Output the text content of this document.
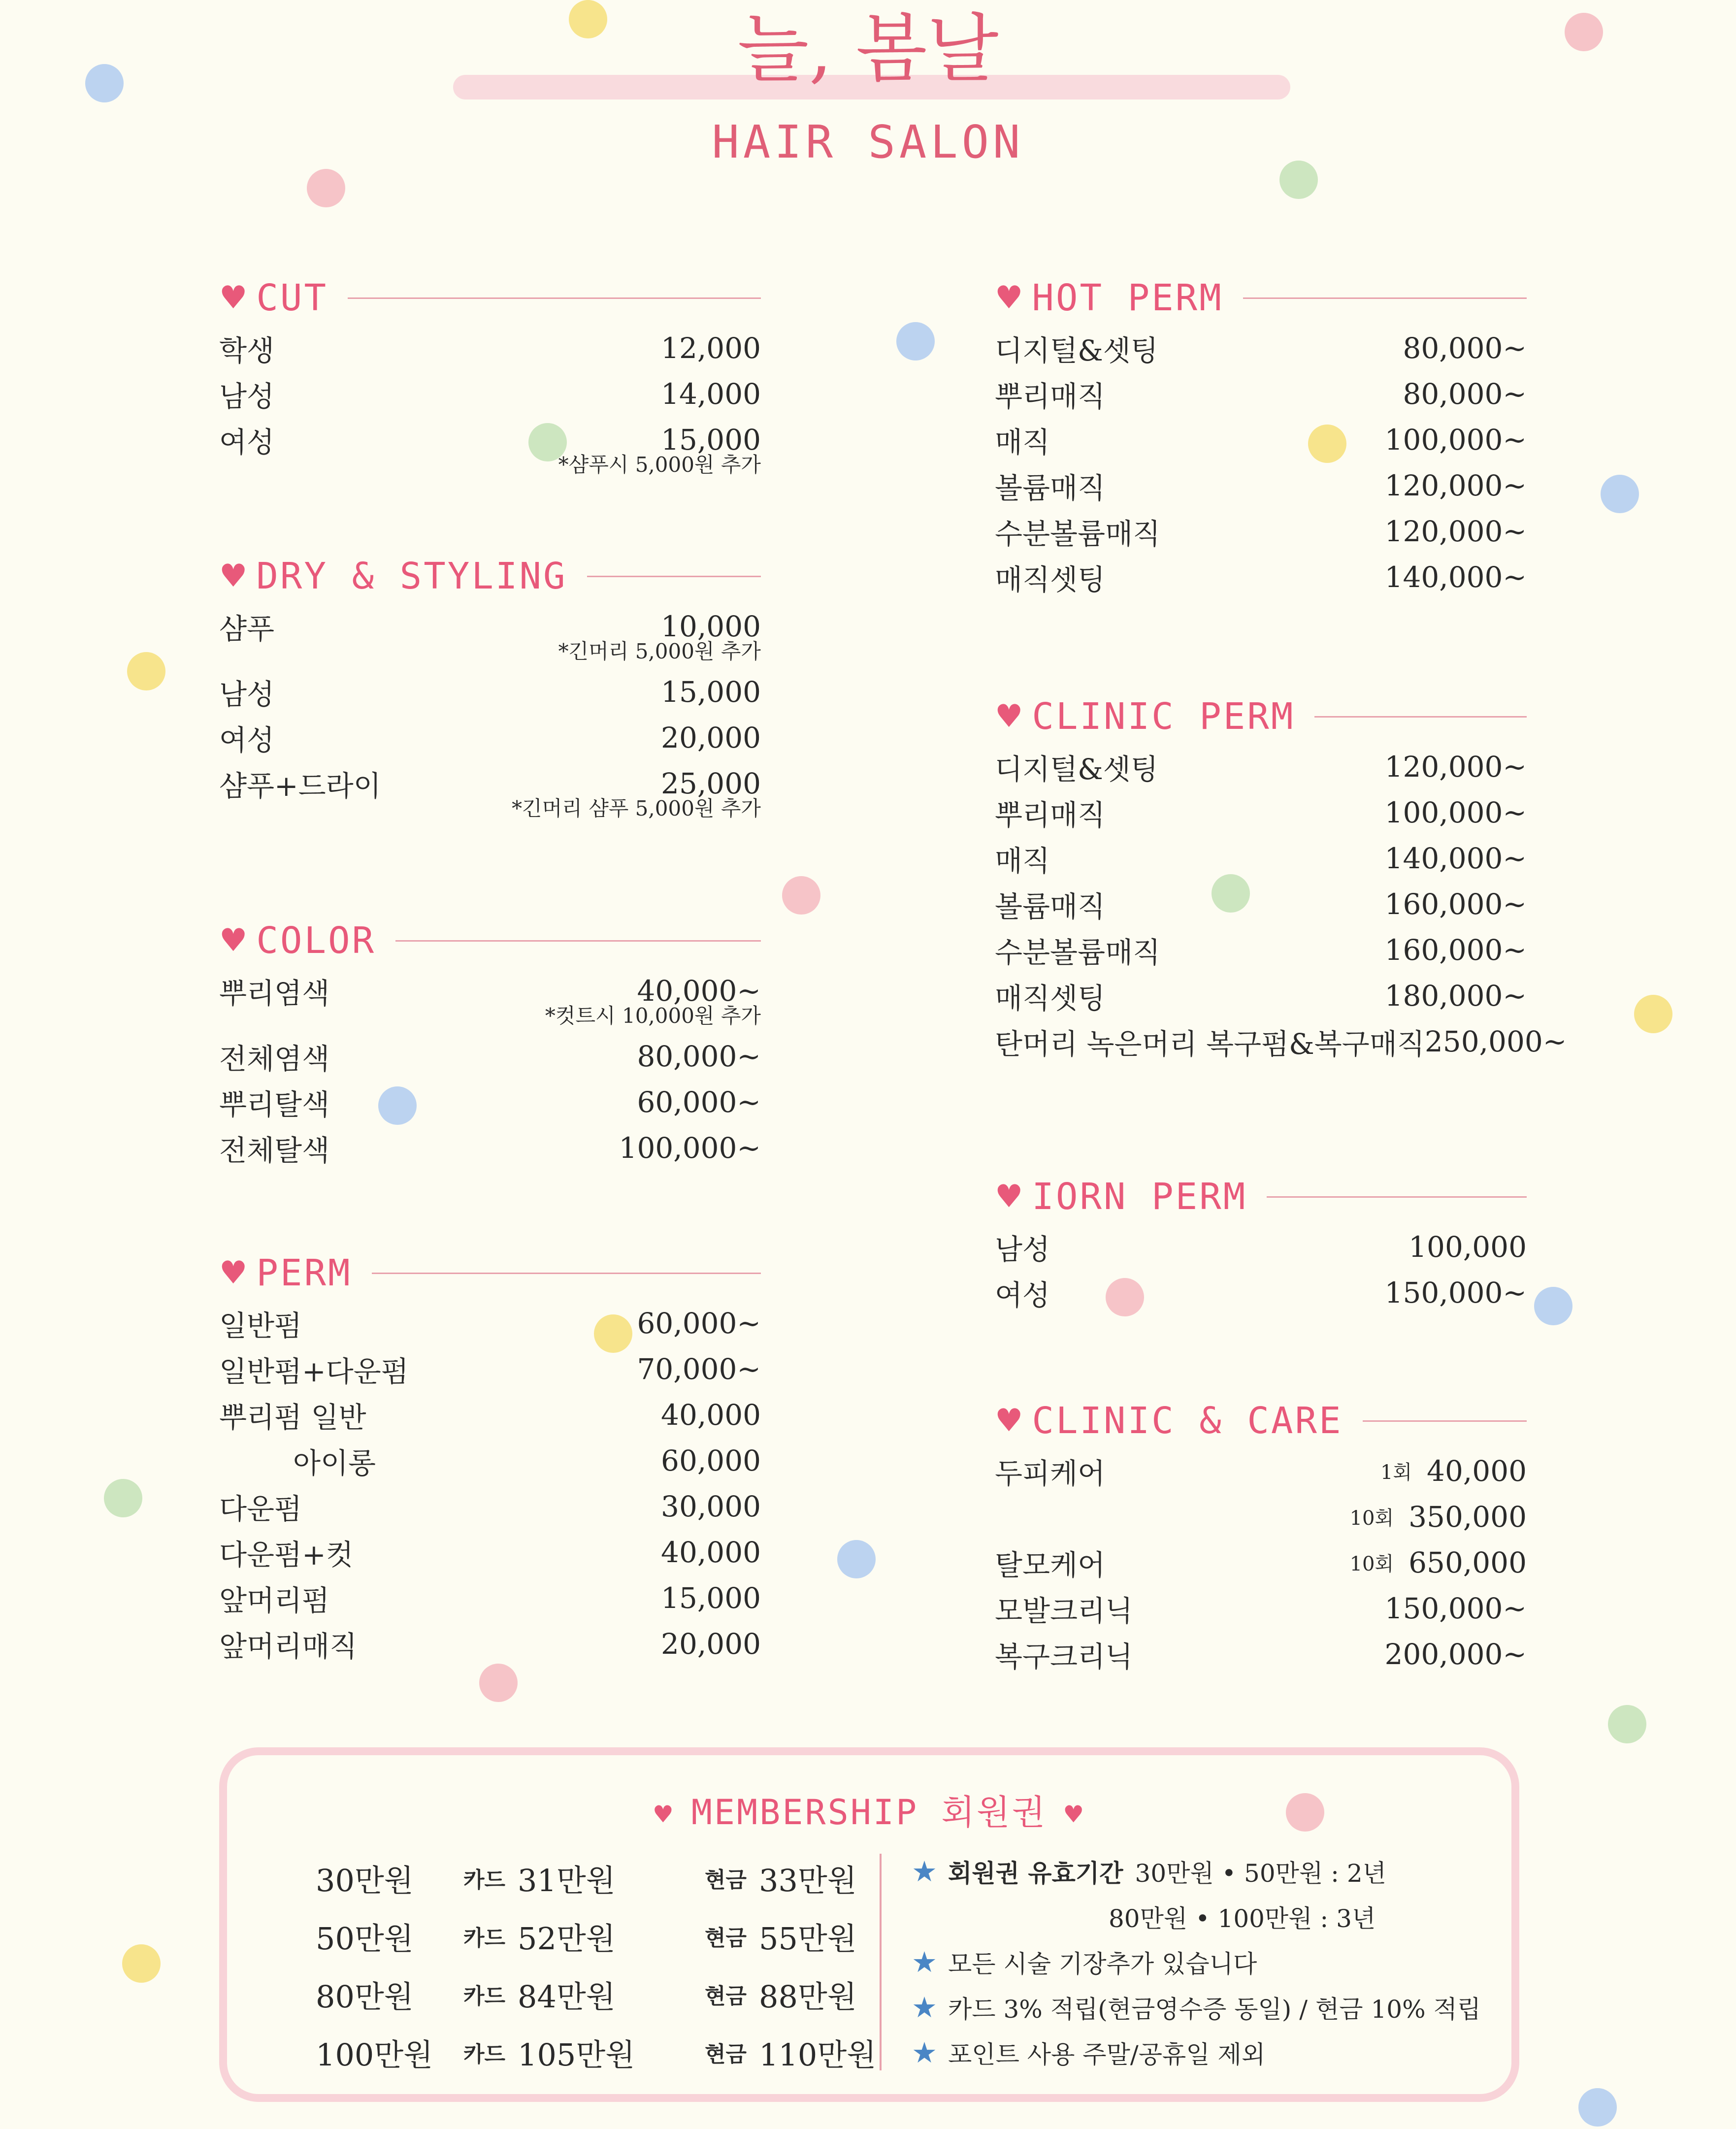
늘, 봄날
HAIR SALON
♥ MEMBERSHIP 회원권 ♥
30만원	카드 31만원	현금 33만원
50만원	카드 52만원	현금 55만원
80만원	카드 84만원	현금 88만원
100만원	카드 105만원	현금 110만원
★ 회원권 유효기간 30만원 • 50만원 : 2년
80만원 • 100만원 : 3년
★ 모든 시술 기장추가 있습니다
★ 카드 3% 적립(현금영수증 동일) / 현금 10% 적립
★ 포인트 사용 주말/공휴일 제외
♥ CUT
학생	12,000
남성	14,000
여성	15,000
*샴푸시 5,000원 추가
♥ DRY & STYLING
샴푸	10,000
*긴머리 5,000원 추가
남성	15,000
여성	20,000
샴푸+드라이	25,000
*긴머리 샴푸 5,000원 추가
♥ COLOR
뿌리염색	40,000~
*컷트시 10,000원 추가
전체염색	80,000~
뿌리탈색	60,000~
전체탈색	100,000~
♥ PERM
일반펌	60,000~
일반펌+다운펌	70,000~
뿌리펌 일반	40,000
아이롱	60,000
다운펌	30,000
다운펌+컷	40,000
앞머리펌	15,000
앞머리매직	20,000
♥ HOT PERM
디지털&셋팅	80,000~
뿌리매직	80,000~
매직	100,000~
볼륨매직	120,000~
수분볼륨매직	120,000~
매직셋팅	140,000~
♥ CLINIC PERM
디지털&셋팅	120,000~
뿌리매직	100,000~
매직	140,000~
볼륨매직	160,000~
수분볼륨매직	160,000~
매직셋팅	180,000~
탄머리 녹은머리 복구펌&복구매직 250,000~
♥ IORN PERM
남성	100,000
여성	150,000~
♥ CLINIC & CARE
두피케어	1회 40,000
10회 350,000
탈모케어	10회 650,000
모발크리닉	150,000~
복구크리닉	200,000~
